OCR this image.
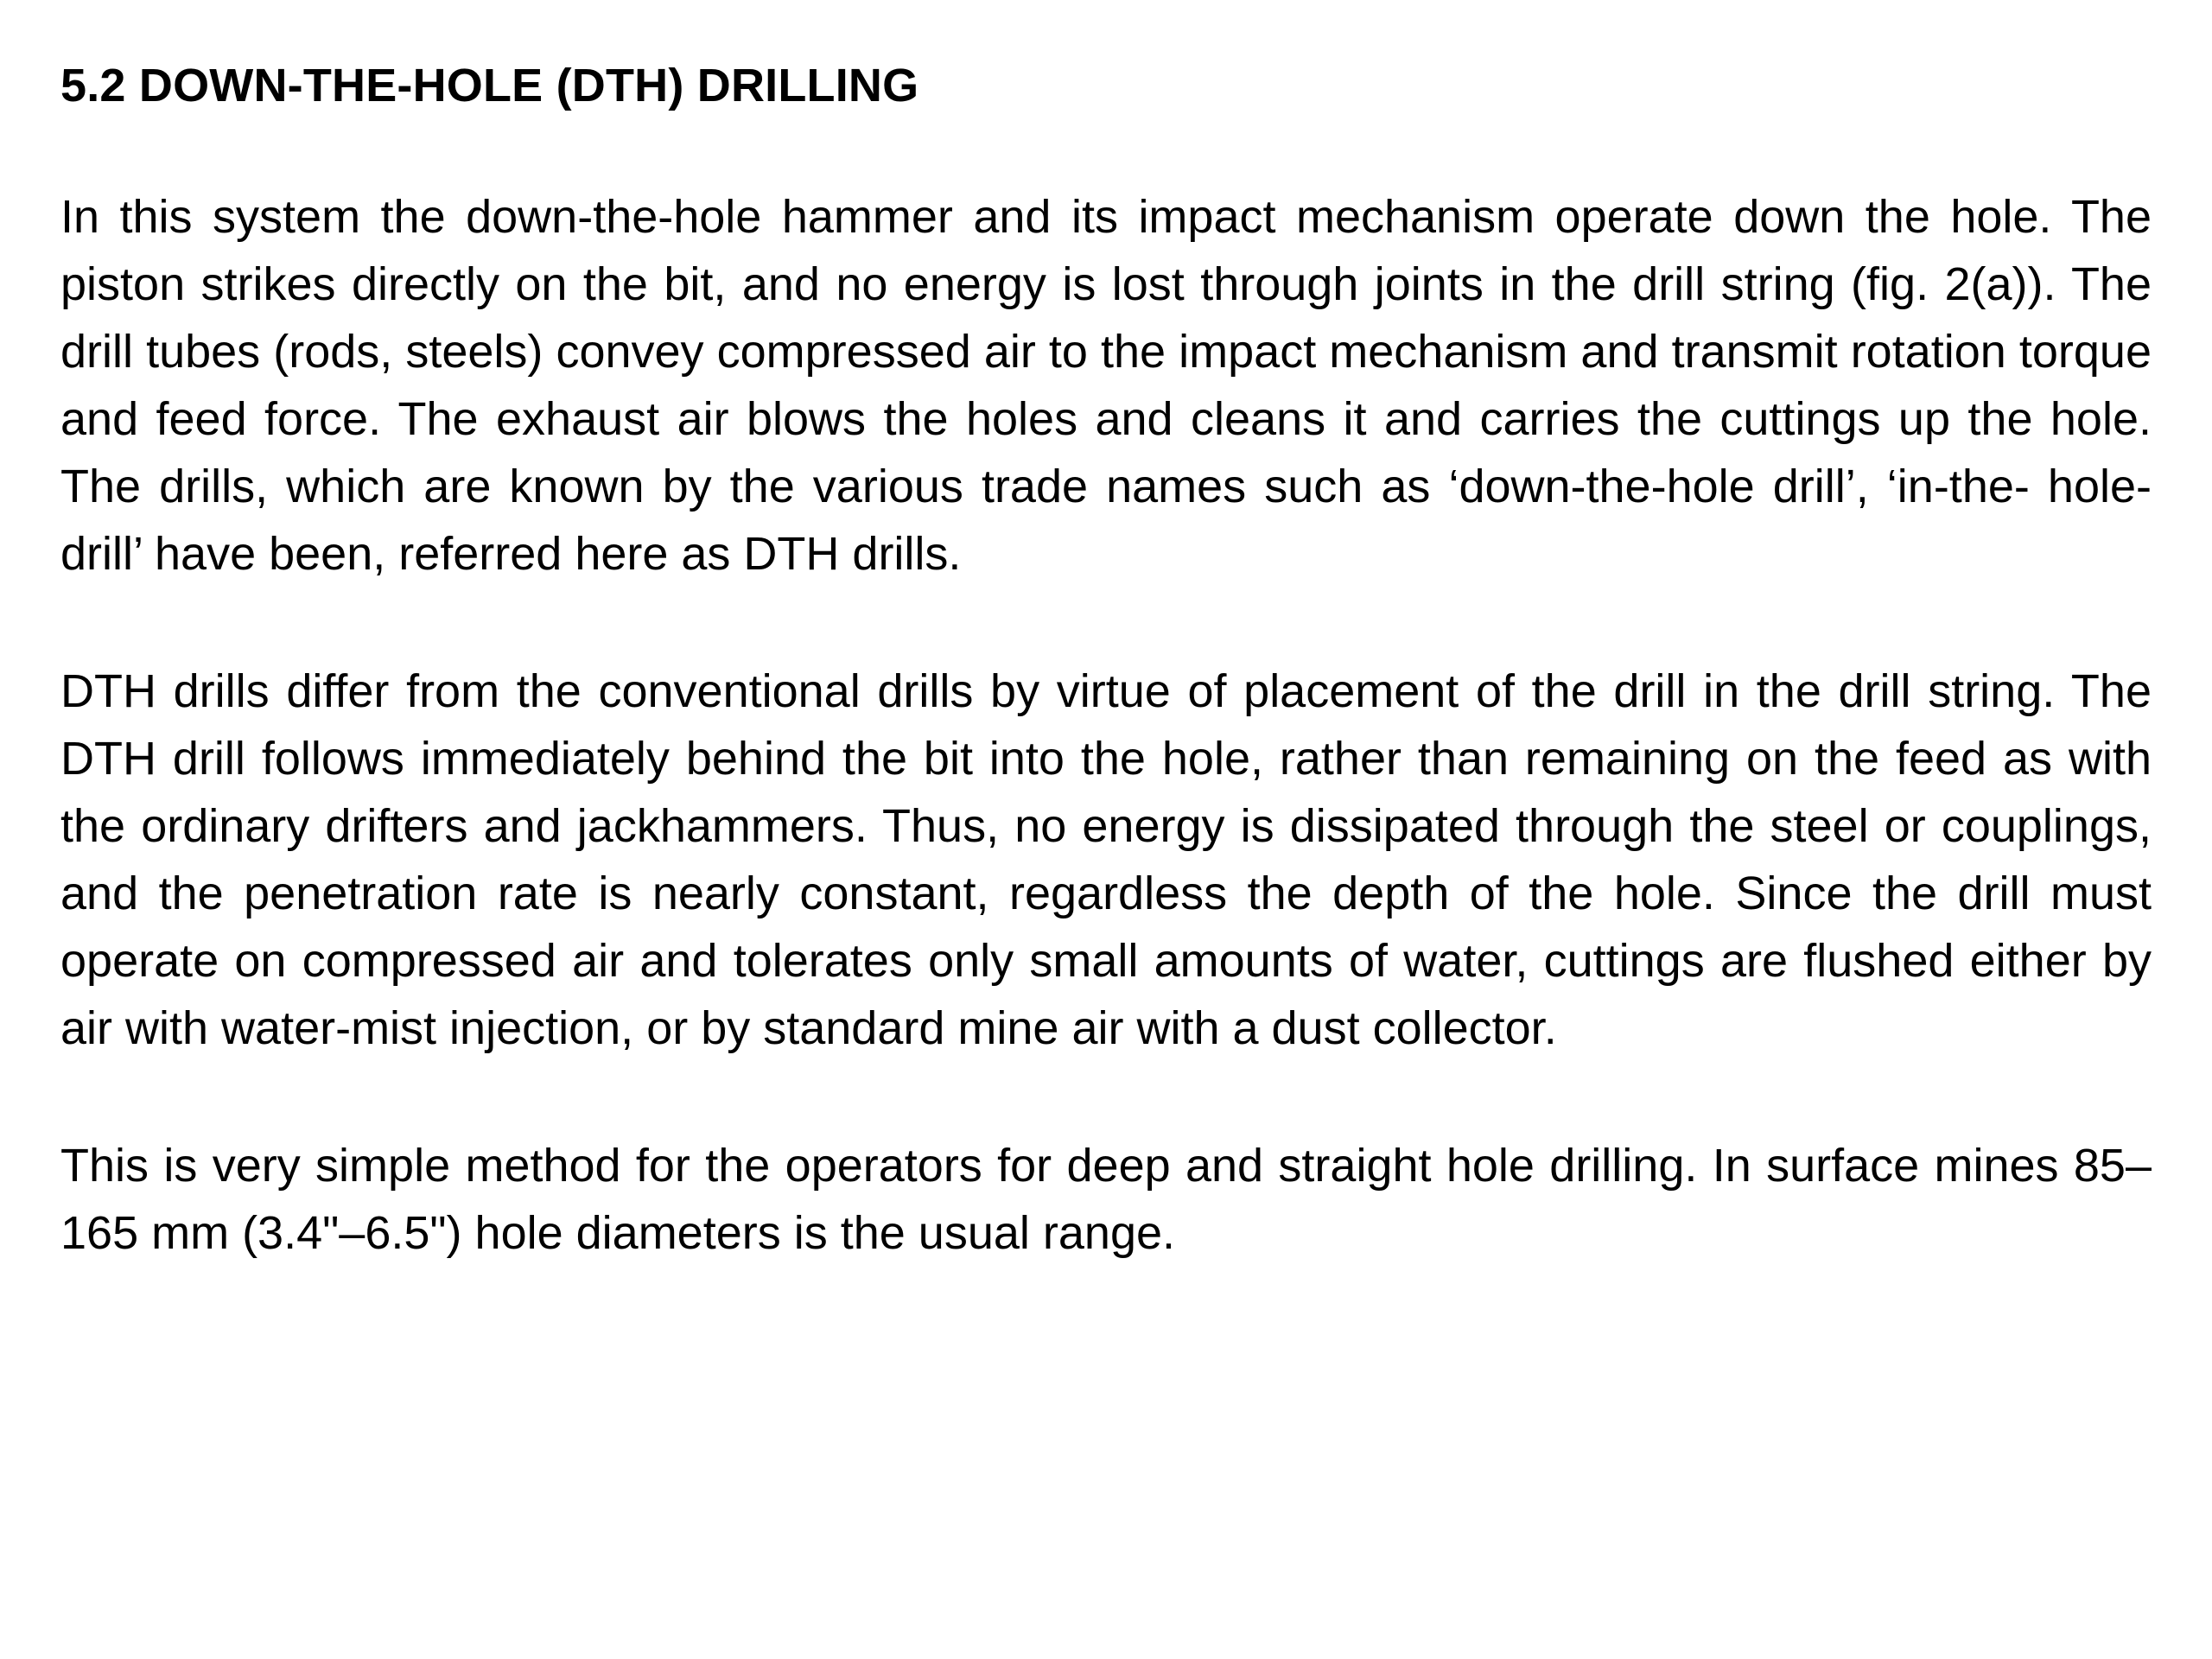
5.2 DOWN-THE-HOLE (DTH) DRILLING

In this system the down-the-hole hammer and its impact mechanism operate down the hole. The piston strikes directly on the bit, and no energy is lost through joints in the drill string (fig. 2(a)). The drill tubes (rods, steels) convey compressed air to the impact mechanism and transmit rotation torque and feed force. The exhaust air blows the holes and cleans it and carries the cuttings up the hole. The drills, which are known by the various trade names such as ‘down-the-hole drill’, ‘in-the- hole-drill’ have been, referred here as DTH drills.

DTH drills differ from the conventional drills by virtue of placement of the drill in the drill string. The DTH drill follows immediately behind the bit into the hole, rather than remaining on the feed as with the ordinary drifters and jackhammers. Thus, no energy is dissipated through the steel or couplings, and the penetration rate is nearly constant, regardless the depth of the hole. Since the drill must operate on compressed air and tolerates only small amounts of water, cuttings are flushed either by air with water-mist injection, or by standard mine air with a dust collector.

This is very simple method for the operators for deep and straight hole drilling. In surface mines 85–165 mm (3.4"–6.5") hole diameters is the usual range.
